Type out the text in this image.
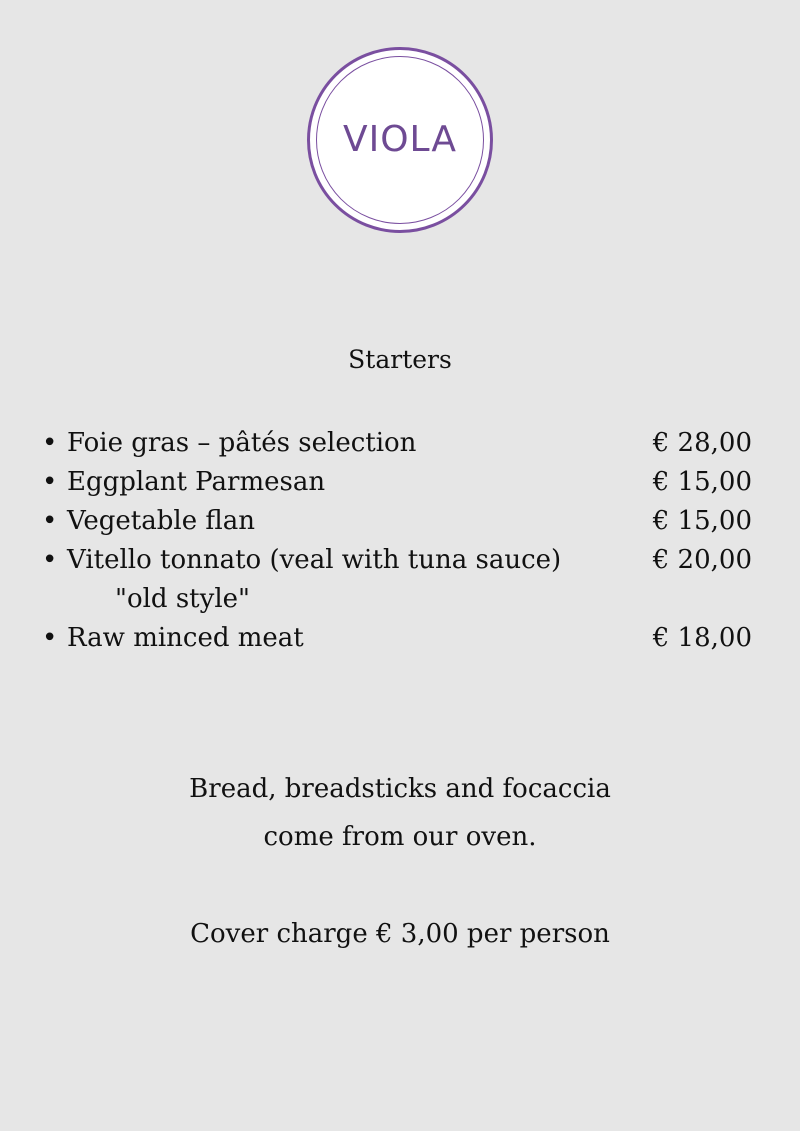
VIOLA
Starters
• Foie gras – pâtés selection	€ 28,00
• Eggplant Parmesan	€ 15,00
• Vegetable flan	€ 15,00
• Vitello tonnato (veal with tuna sauce)	€ 20,00
"old style"
• Raw minced meat	€ 18,00
Bread, breadsticks and focaccia
come from our oven.
Cover charge € 3,00 per person
